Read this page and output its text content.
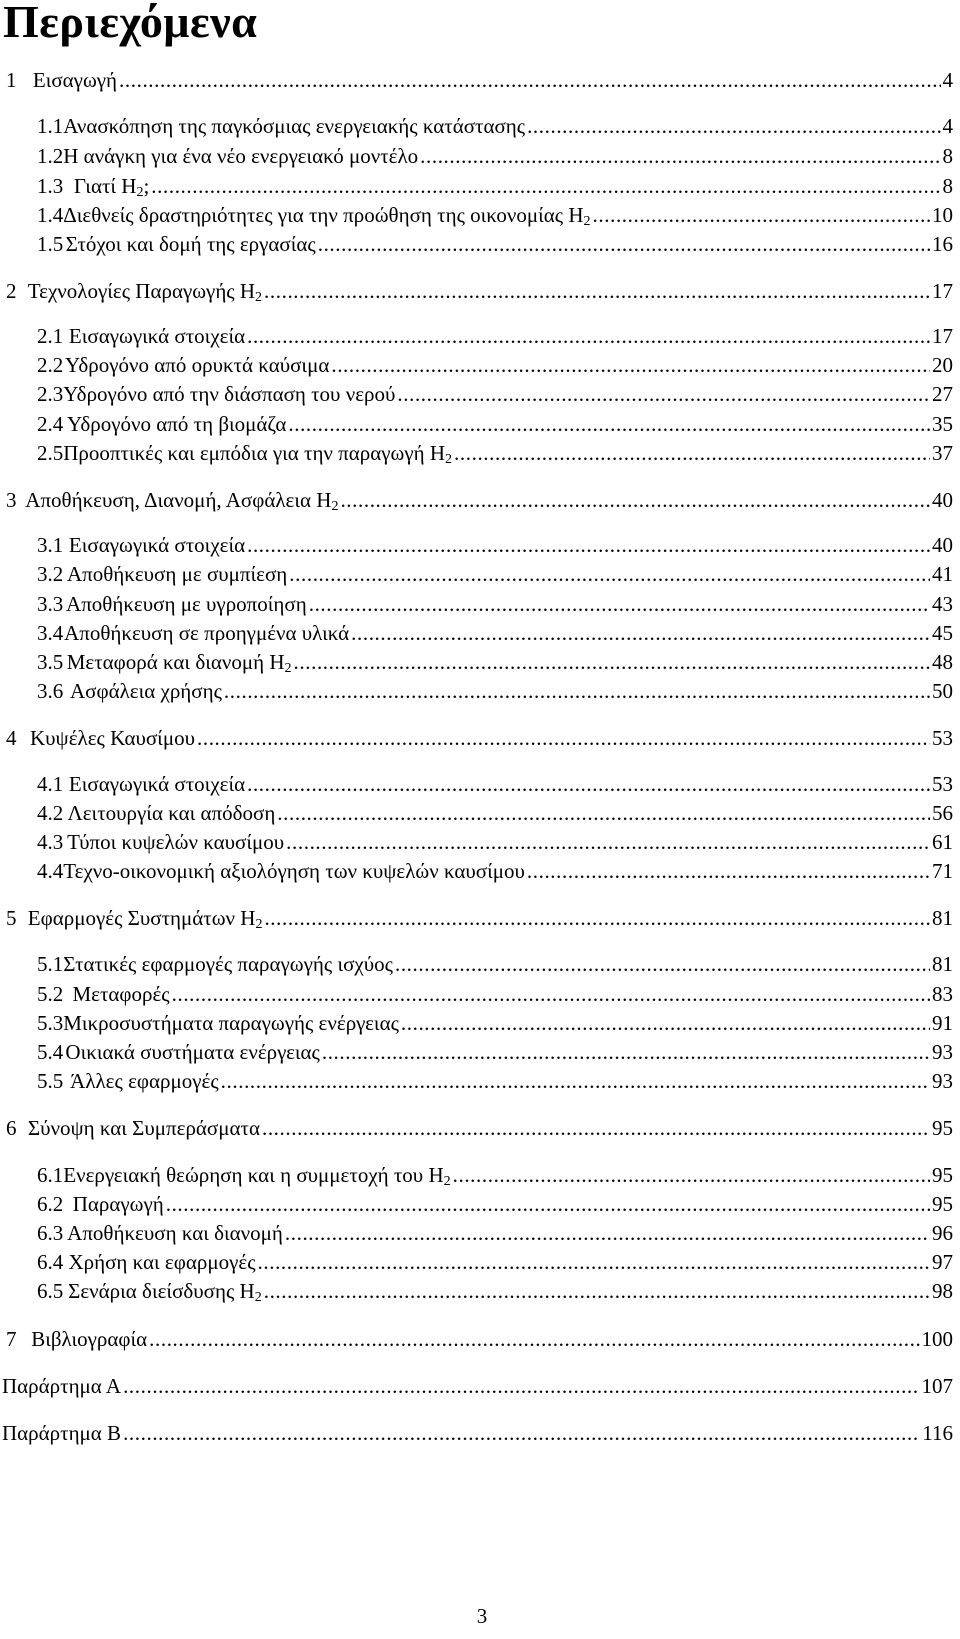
Περιεχόμενα
1 Εισαγωγή .....	4
1.1 Ανασκόπηση της παγκόσμιας ενεργειακής κατάστασης .....	4
1.2 Η ανάγκη για ένα νέο ενεργειακό μοντέλο .....	8
1.3 Γιατί $H_2$; .....	8
1.4 Διεθνείς δραστηριότητες για την προώθηση της οικονομίας $H_2$ .....	10
1.5 Στόχοι και δομή της εργασίας .....	16
2 Τεχνολογίες Παραγωγής $H_2$ .....	17
2.1 Εισαγωγικά στοιχεία .....	17
2.2 Υδρογόνο από ορυκτά καύσιμα .....	20
2.3 Υδρογόνο από την διάσπαση του νερού .....	27
2.4 Υδρογόνο από τη βιομάζα .....	35
2.5 Προοπτικές και εμπόδια για την παραγωγή $H_2$ .....	37
3 Αποθήκευση, Διανομή, Ασφάλεια $H_2$ .....	40
3.1 Εισαγωγικά στοιχεία .....	40
3.2 Αποθήκευση με συμπίεση .....	41
3.3 Αποθήκευση με υγροποίηση .....	43
3.4 Αποθήκευση σε προηγμένα υλικά .....	45
3.5 Μεταφορά και διανομή $H_2$ .....	48
3.6 Ασφάλεια χρήσης .....	50
4 Κυψέλες Καυσίμου .....	53
4.1 Εισαγωγικά στοιχεία .....	53
4.2 Λειτουργία και απόδοση .....	56
4.3 Τύποι κυψελών καυσίμου .....	61
4.4 Τεχνο-οικονομική αξιολόγηση των κυψελών καυσίμου .....	71
5 Εφαρμογές Συστημάτων $H_2$ .....	81
5.1 Στατικές εφαρμογές παραγωγής ισχύος .....	81
5.2 Μεταφορές .....	83
5.3 Μικροσυστήματα παραγωγής ενέργειας .....	91
5.4 Οικιακά συστήματα ενέργειας .....	93
5.5 Άλλες εφαρμογές .....	93
6 Σύνοψη και Συμπεράσματα .....	95
6.1 Ενεργειακή θεώρηση και η συμμετοχή του $H_2$ .....	95
6.2 Παραγωγή .....	95
6.3 Αποθήκευση και διανομή .....	96
6.4 Χρήση και εφαρμογές .....	97
6.5 Σενάρια διείσδυσης $H_2$ .....	98
7 Βιβλιογραφία .....	100
Παράρτημα Α .....	107
Παράρτημα Β .....	116
3
